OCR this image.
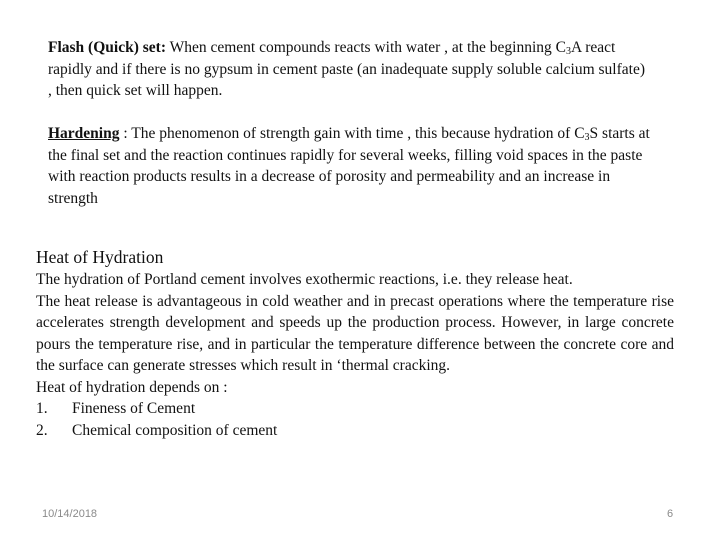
Flash (Quick) set: When cement compounds reacts with water , at the beginning $C_3A$ react rapidly and if there is no gypsum in cement paste (an inadequate supply soluble calcium sulfate) , then quick set will happen.
Hardening : The phenomenon of strength gain with time , this because hydration of $C_3S$ starts at the final set and the reaction continues rapidly for several weeks, filling void spaces in the paste with reaction products results in a decrease of porosity and permeability and an increase in strength
Heat of Hydration
The hydration of Portland cement involves exothermic reactions, i.e. they release heat.
The heat release is advantageous in cold weather and in precast operations where the temperature rise accelerates strength development and speeds up the production process. However, in large concrete pours the temperature rise, and in particular the temperature difference between the concrete core and the surface can generate stresses which result in ‘thermal cracking.
Heat of hydration depends on :
1. Fineness of Cement
2. Chemical composition of cement
10/14/2018	6
